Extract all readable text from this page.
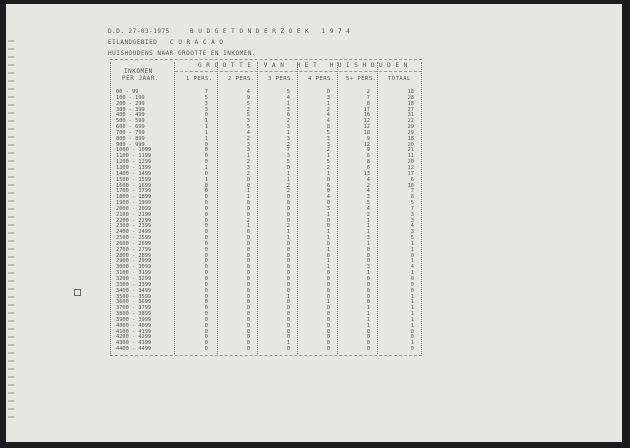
D.D. 27-03-1975	B U D G E T O N D E R Z O E K   1 9 7 4
EILANDGEBIED C U R A C A O
HUISHOUDENS NAAR GROOTTE EN INKOMEN.
G R O O T T E   V A N   H E T   H U I S H O U D E N
INKOMEN
PER JAAR.	1 PERS.	2 PERS. 3 PERS. 4 PERS. 5+ PERS. TOTAAL
00 - 99	7	4	5	0	2	18
100 - 199	5	9	4	3	7	28
200 - 299	3	5	1	1	8	18
300 - 399	3	2	3	2	17	27
400 - 499	0	5	6	4	16	31
500 - 599	1	3	2	4	12	22
600 - 699	1	5	3	8	12	29
700 - 799	1	4	1	5	18	29
800 - 899	1	2	3	3	9	18
900 - 999	0	3	2	3	12	20
1000 - 1099	0	3	7	2	9	21
1100 - 1199	0	1	3	1	6	11
1200 - 1299	0	2	5	5	8	20
1300 - 1399	1	3	0	2	6	12
1400 - 1499	0	2	1	1	13	17
1500 - 1599	1	0	1	0	4	6
1600 - 1699	0	0	2	6	2	10
1700 - 1799	0	1	2	0	4	7
1800 - 1899	0	1	0	4	3	8
1900 - 1999	0	0	0	0	5	5
2000 - 2099	0	0	0	3	4	7
2100 - 2199	0	0	0	1	2	3
2200 - 2299	0	2	0	0	1	3
2300 - 2399	0	1	2	0	1	4
2400 - 2499	0	0	1	1	1	3
2500 - 2599	0	0	1	1	3	5
2600 - 2699	0	0	0	0	1	1
2700 - 2799	0	0	0	1	0	1
2800 - 2899	0	0	0	0	0	0
2900 - 2999	0	0	0	1	0	1
3000 - 3099	0	0	0	1	3	4
3100 - 3199	0	0	0	0	1	1
3200 - 3299	0	0	0	0	0	0
3300 - 3399	0	0	0	0	0	0
3400 - 3499	0	0	0	0	0	0
3500 - 3599	0	0	1	0	0	1
3600 - 3699	0	0	0	1	0	1
3700 - 3799	0	0	0	0	1	1
3800 - 3899	0	0	0	0	1	1
3900 - 3999	0	0	0	0	1	1
4000 - 4099	0	0	0	0	1	1
4100 - 4199	0	0	0	0	0	0
4200 - 4299	0	0	0	0	0	0
4300 - 4399	0	0	1	0	0	1
4400 - 4499	0	0	0	0	0	0
